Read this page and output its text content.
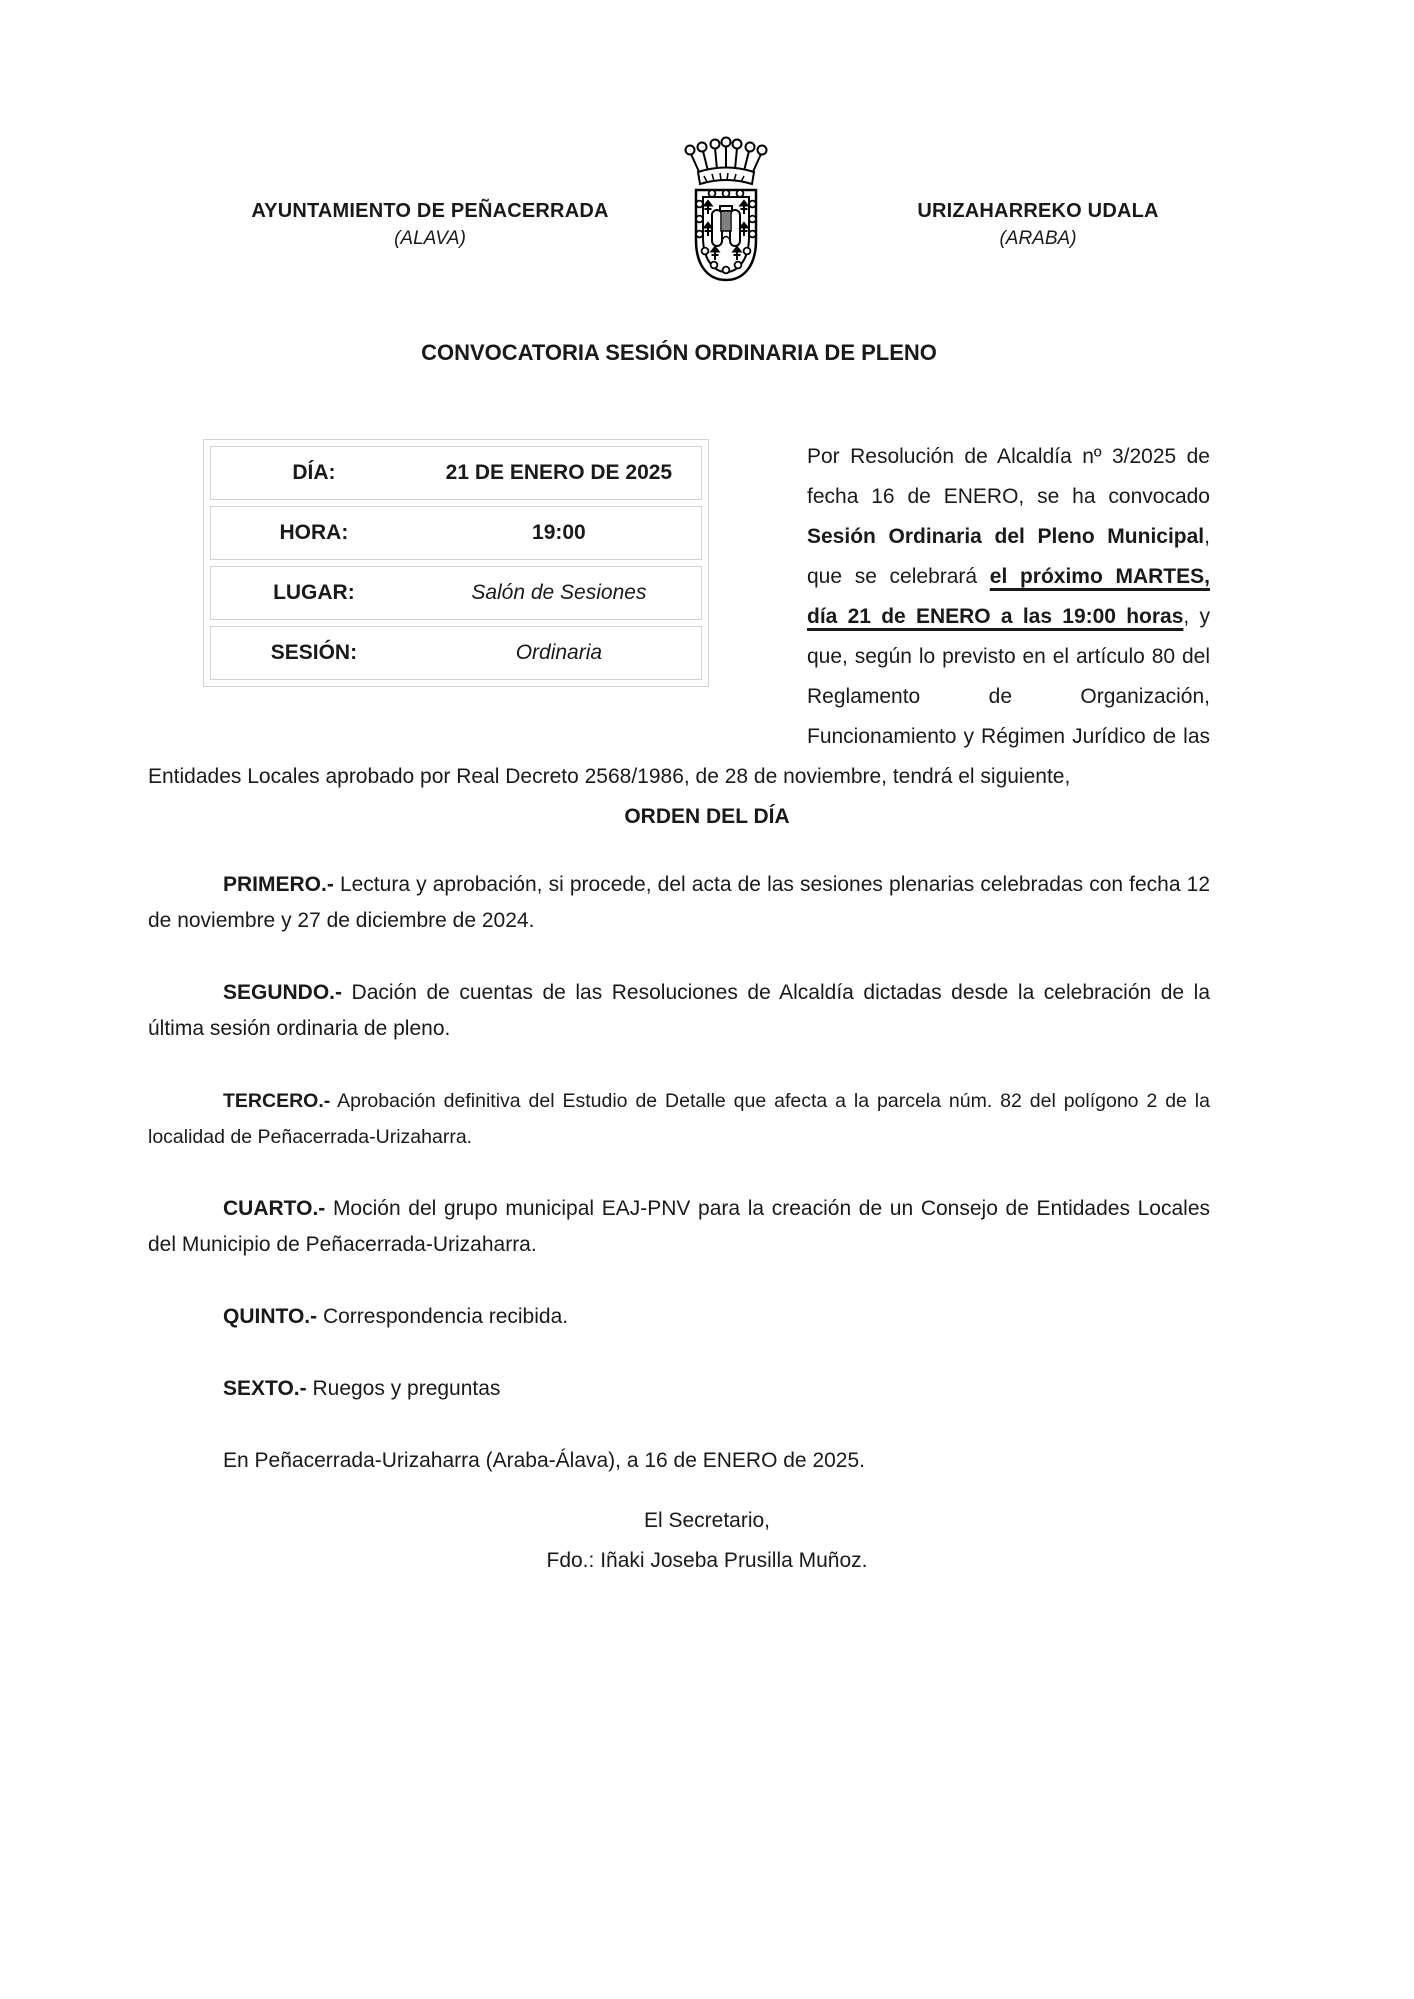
AYUNTAMIENTO DE PEÑACERRADA
(ALAVA)
URIZAHARREKO UDALA
(ARABA)
CONVOCATORIA SESIÓN ORDINARIA DE PLENO
DÍA:	21 DE ENERO DE 2025
HORA:	19:00
LUGAR:	Salón de Sesiones
SESIÓN:	Ordinaria

Por Resolución de Alcaldía nº 3/2025 de fecha 16 de ENERO, se ha convocado Sesión Ordinaria del Pleno Municipal, que se celebrará el próximo MARTES, día 21 de ENERO a las 19:00 horas, y que, según lo previsto en el artículo 80 del Reglamento de Organización, Funcionamiento y Régimen Jurídico de las Entidades Locales aprobado por Real Decreto 2568/1986, de 28 de noviembre, tendrá el siguiente,

ORDEN DEL DÍA

PRIMERO.- Lectura y aprobación, si procede, del acta de las sesiones plenarias celebradas con fecha 12 de noviembre y 27 de diciembre de 2024.

SEGUNDO.- Dación de cuentas de las Resoluciones de Alcaldía dictadas desde la celebración de la última sesión ordinaria de pleno.

TERCERO.- Aprobación definitiva del Estudio de Detalle que afecta a la parcela núm. 82 del polígono 2 de la localidad de Peñacerrada-Urizaharra.

CUARTO.- Moción del grupo municipal EAJ-PNV para la creación de un Consejo de Entidades Locales del Municipio de Peñacerrada-Urizaharra.

QUINTO.- Correspondencia recibida.

SEXTO.- Ruegos y preguntas

En Peñacerrada-Urizaharra (Araba-Álava), a 16 de ENERO de 2025.

El Secretario,
Fdo.: Iñaki Joseba Prusilla Muñoz.
